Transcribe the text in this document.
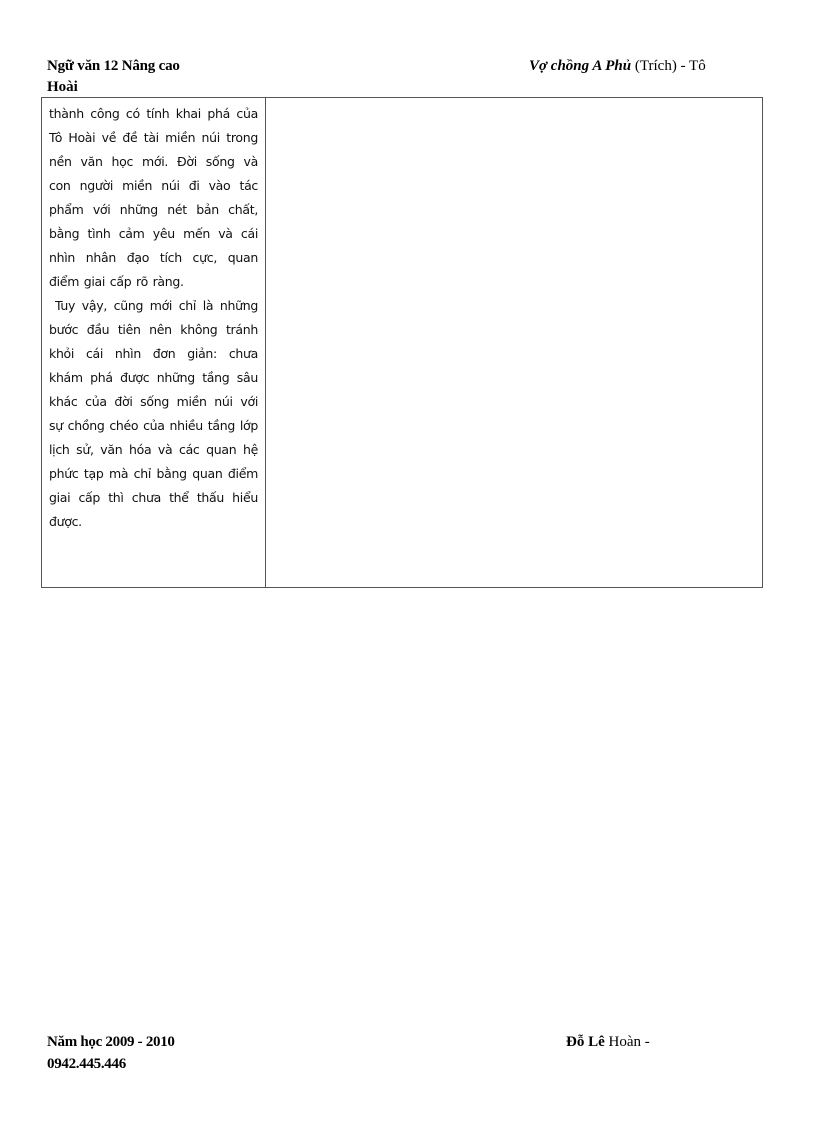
Ngữ văn 12 Nâng cao	Vợ chồng A Phủ (Trích) - Tô
Hoài

thành công có tính khai phá của Tô Hoài về đề tài miền núi trong nền văn học mới. Đời sống và con người miền núi đi vào tác phẩm với những nét bản chất, bằng tình cảm yêu mến và cái nhìn nhân đạo tích cực, quan điểm giai cấp rõ ràng.

Tuy vậy, cũng mới chỉ là những bước đầu tiên nên không tránh khỏi cái nhìn đơn giản: chưa khám phá được những tầng sâu khác của đời sống miền núi với sự chồng chéo của nhiều tầng lớp lịch sử, văn hóa và các quan hệ phức tạp mà chỉ bằng quan điểm giai cấp thì chưa thể thấu hiểu được.

Năm học 2009 - 2010	Đỗ Lê Hoàn -
0942.445.446
